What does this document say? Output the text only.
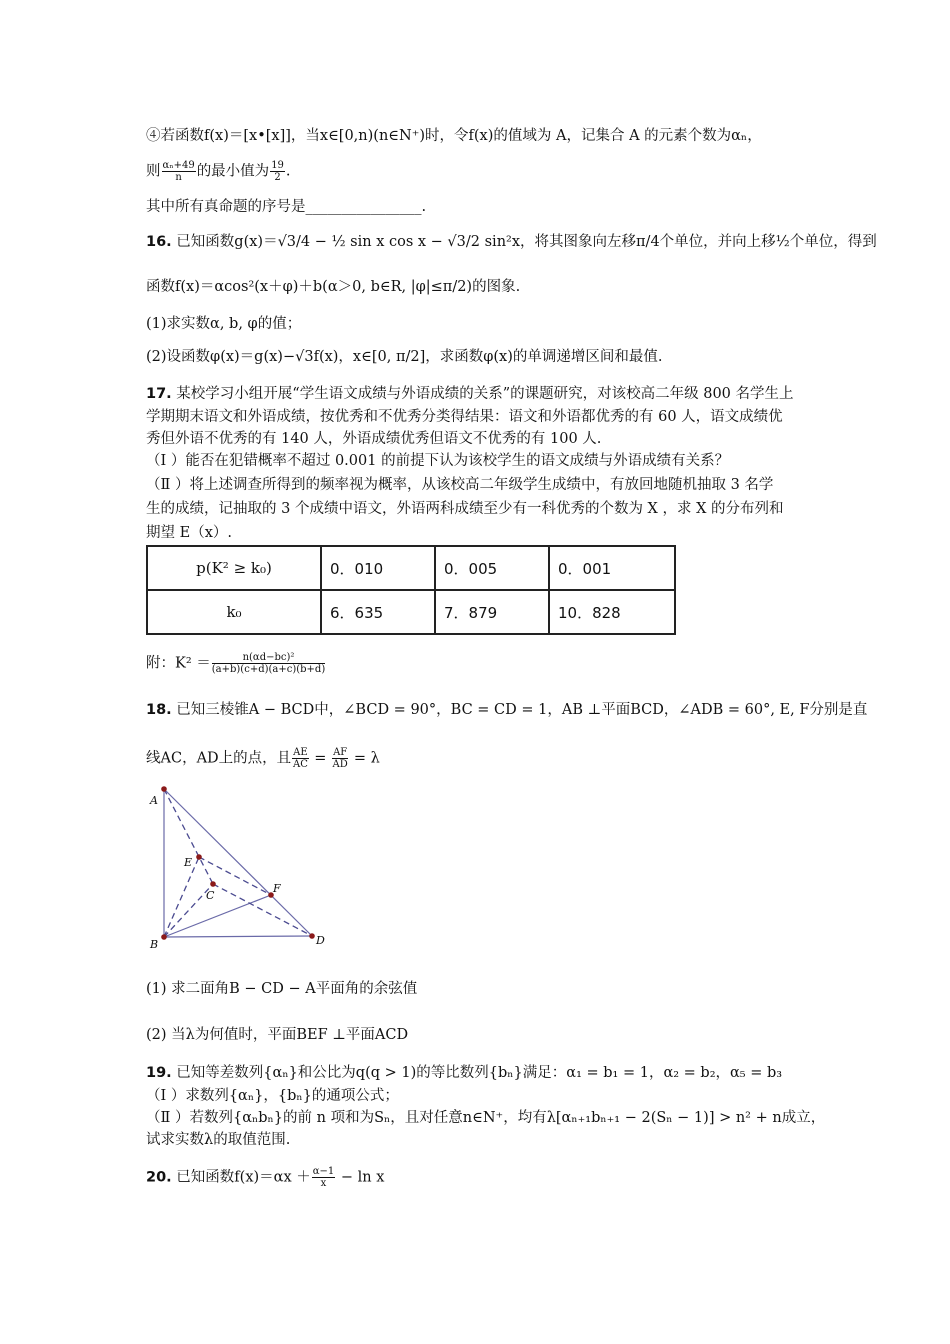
④若函数f(x)＝[x•[x]]，当x∈[0,n)(n∈N⁺)时，令f(x)的值域为 A，记集合 A 的元素个数为αₙ，
则 $\frac{\text{αₙ+49}}{n}$ 的最小值为 $\frac{19}{2}$ .
其中所有真命题的序号是________________.
16. 已知函数g(x)＝√3/4 − ½ sin x cos x − √3/2 sin²x，将其图象向左移π/4个单位，并向上移½个单位，得到
函数f(x)＝αcos²(x＋φ)＋b(α＞0, b∈R, |φ|≤π/2)的图象.
(1)求实数α, b, φ的值；
(2)设函数φ(x)＝g(x)−√3f(x)，x∈[0, π/2]，求函数φ(x)的单调递增区间和最值.
17. 某校学习小组开展“学生语文成绩与外语成绩的关系”的课题研究，对该校高二年级 800 名学生上
学期期末语文和外语成绩，按优秀和不优秀分类得结果：语文和外语都优秀的有 60 人，语文成绩优
秀但外语不优秀的有 140 人，外语成绩优秀但语文不优秀的有 100 人.
（Ⅰ ）能否在犯错概率不超过 0.001 的前提下认为该校学生的语文成绩与外语成绩有关系？
（Ⅱ ）将上述调查所得到的频率视为概率，从该校高二年级学生成绩中，有放回地随机抽取 3 名学
生的成绩，记抽取的 3 个成绩中语文，外语两科成绩至少有一科优秀的个数为 X ，求 X 的分布列和
期望 E（x）.
p(K² ≥ k₀)	0．010	0．005	0．001
k₀	6．635	7．879	10．828
附：$K^2 = \frac{\text{n(αd−bc)²}}{(a+b)(c+d)(a+c)(b+d)}$
18. 已知三棱锥A − BCD中，∠BCD = 90°，BC = CD = 1，AB ⊥平面BCD，∠ADB = 60°, E, F分别是直
线AC，AD上的点，且 $\frac{AE}{AC} = \frac{AF}{AD} = \lambda$
A
B	D
E
C
F
(1) 求二面角B − CD − A平面角的余弦值
(2) 当λ为何值时，平面BEF ⊥平面ACD
19. 已知等差数列{αₙ}和公比为q(q > 1)的等比数列{bₙ}满足：α₁ = b₁ = 1，α₂ = b₂，α₅ = b₃
（Ⅰ ）求数列{αₙ}，{bₙ}的通项公式；
（Ⅱ ）若数列{αₙbₙ}的前 n 项和为Sₙ，且对任意n∈N⁺，均有λ[αₙ₊₁bₙ₊₁ − 2(Sₙ − 1)] > n² + n成立，
试求实数λ的取值范围.
20. 已知函数$f(x)=\alpha x + \frac{\alpha-1}{x} - \ln x$
